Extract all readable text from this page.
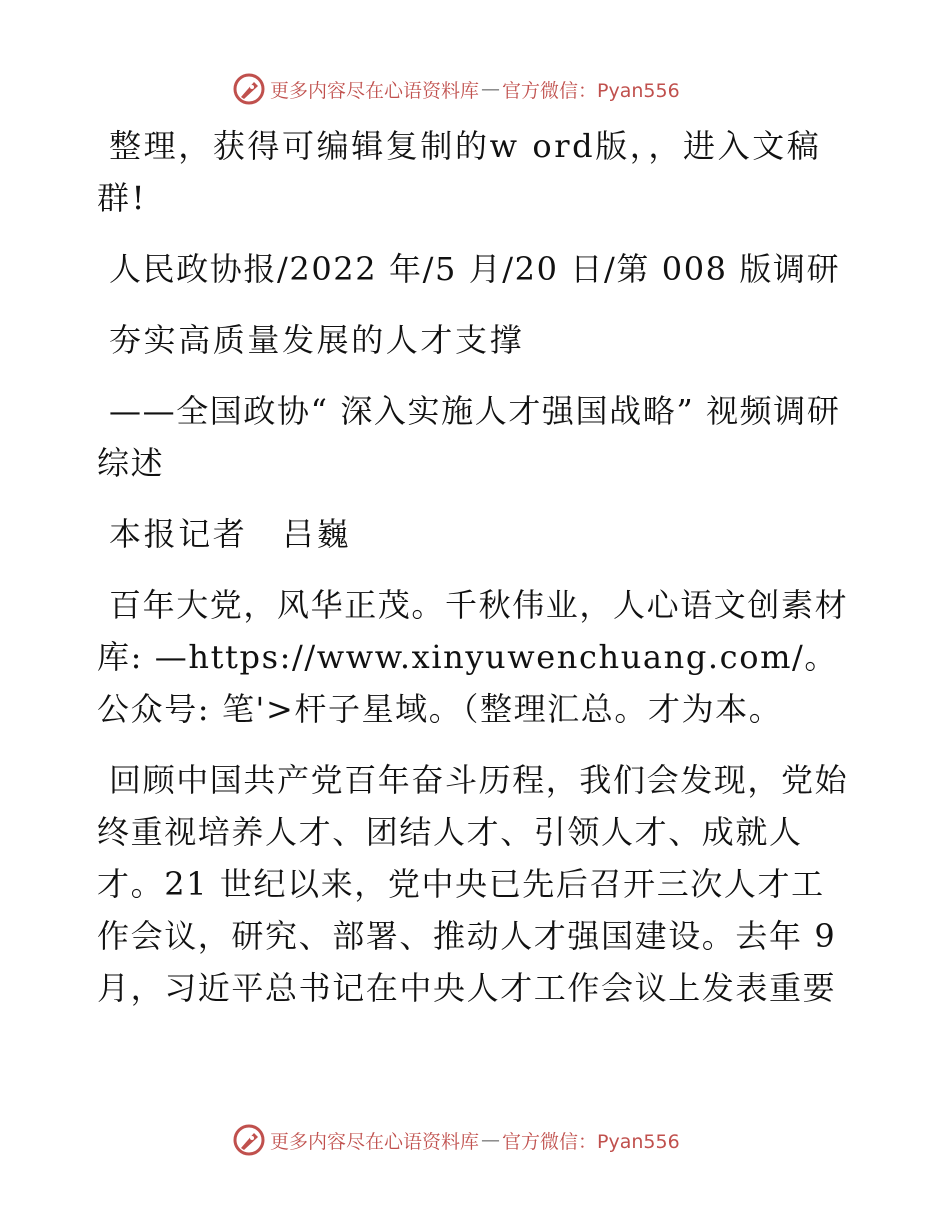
更多内容尽在心语资料库 — 官方微信：Pyan556

整理，获得可编辑复制的w ord版，，进入文稿群!

人民政协报/2022 年/5 月/20 日/第 008 版调研

夯实高质量发展的人才支撑

——全国政协“ 深入实施人才强国战略” 视频调研综述

本报记者　吕巍

百年大党，风华正茂。千秋伟业，人心语文创素材库: —https://www.xinyuwenchuang.com/。公众号: 笔'>杆子星域。（整理汇总。才为本。

回顾中国共产党百年奋斗历程，我们会发现，党始终重视培养人才、团结人才、引领人才、成就人才。21 世纪以来，党中央已先后召开三次人才工作会议，研究、部署、推动人才强国建设。去年 9 月，习近平总书记在中央人才工作会议上发表重要

更多内容尽在心语资料库 — 官方微信：Pyan556
